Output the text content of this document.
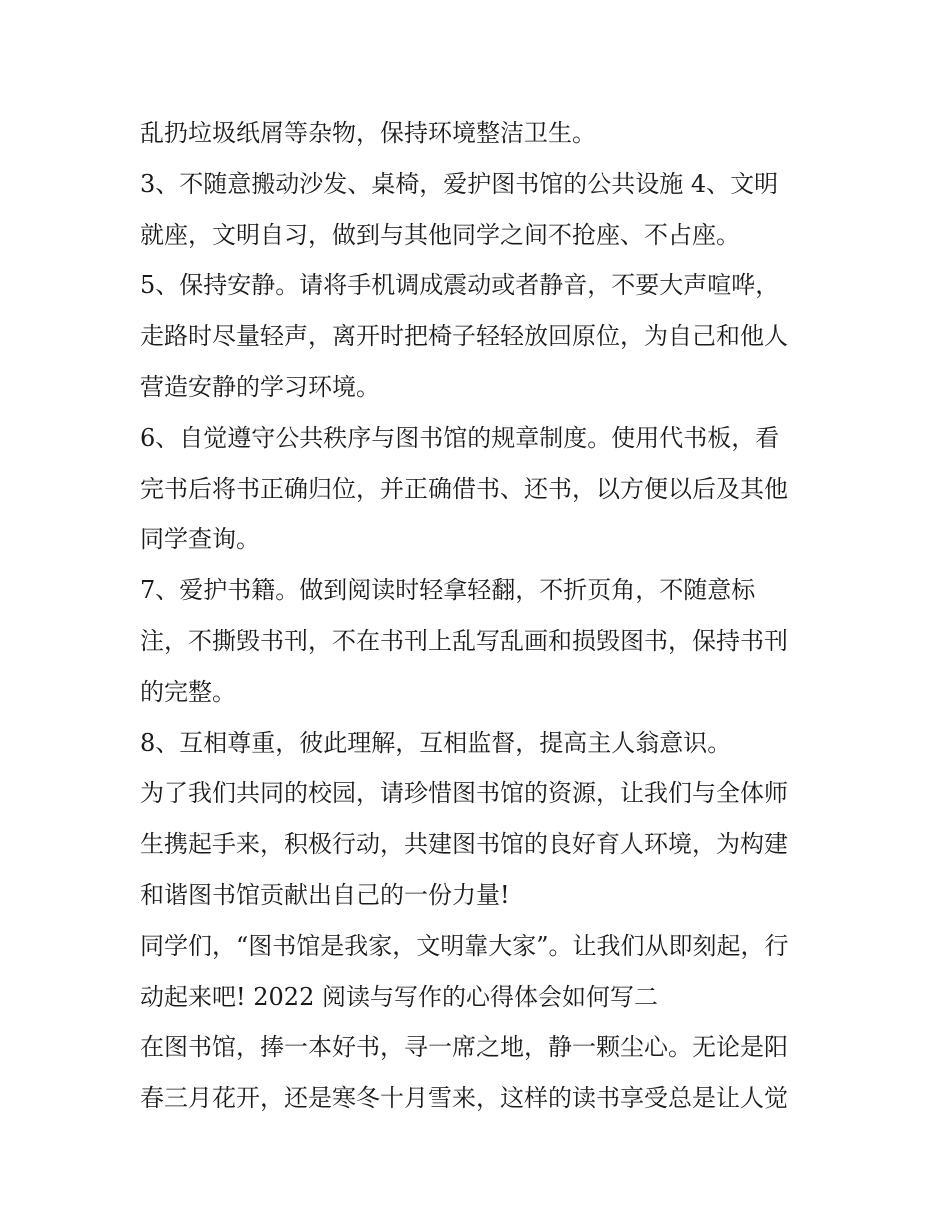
乱扔垃圾纸屑等杂物，保持环境整洁卫生。

3、不随意搬动沙发、桌椅，爱护图书馆的公共设施 4、文明

就座，文明自习，做到与其他同学之间不抢座、不占座。

5、保持安静。请将手机调成震动或者静音，不要大声喧哗，

走路时尽量轻声，离开时把椅子轻轻放回原位，为自己和他人

营造安静的学习环境。

6、自觉遵守公共秩序与图书馆的规章制度。使用代书板，看

完书后将书正确归位，并正确借书、还书，以方便以后及其他

同学查询。

7、爱护书籍。做到阅读时轻拿轻翻，不折页角，不随意标

注，不撕毁书刊，不在书刊上乱写乱画和损毁图书，保持书刊

的完整。

8、互相尊重，彼此理解，互相监督，提高主人翁意识。

为了我们共同的校园，请珍惜图书馆的资源，让我们与全体师

生携起手来，积极行动，共建图书馆的良好育人环境，为构建

和谐图书馆贡献出自己的一份力量!

同学们，“图书馆是我家，文明靠大家”。让我们从即刻起，行

动起来吧! 2022 阅读与写作的心得体会如何写二

在图书馆，捧一本好书，寻一席之地，静一颗尘心。无论是阳

春三月花开，还是寒冬十月雪来，这样的读书享受总是让人觉
